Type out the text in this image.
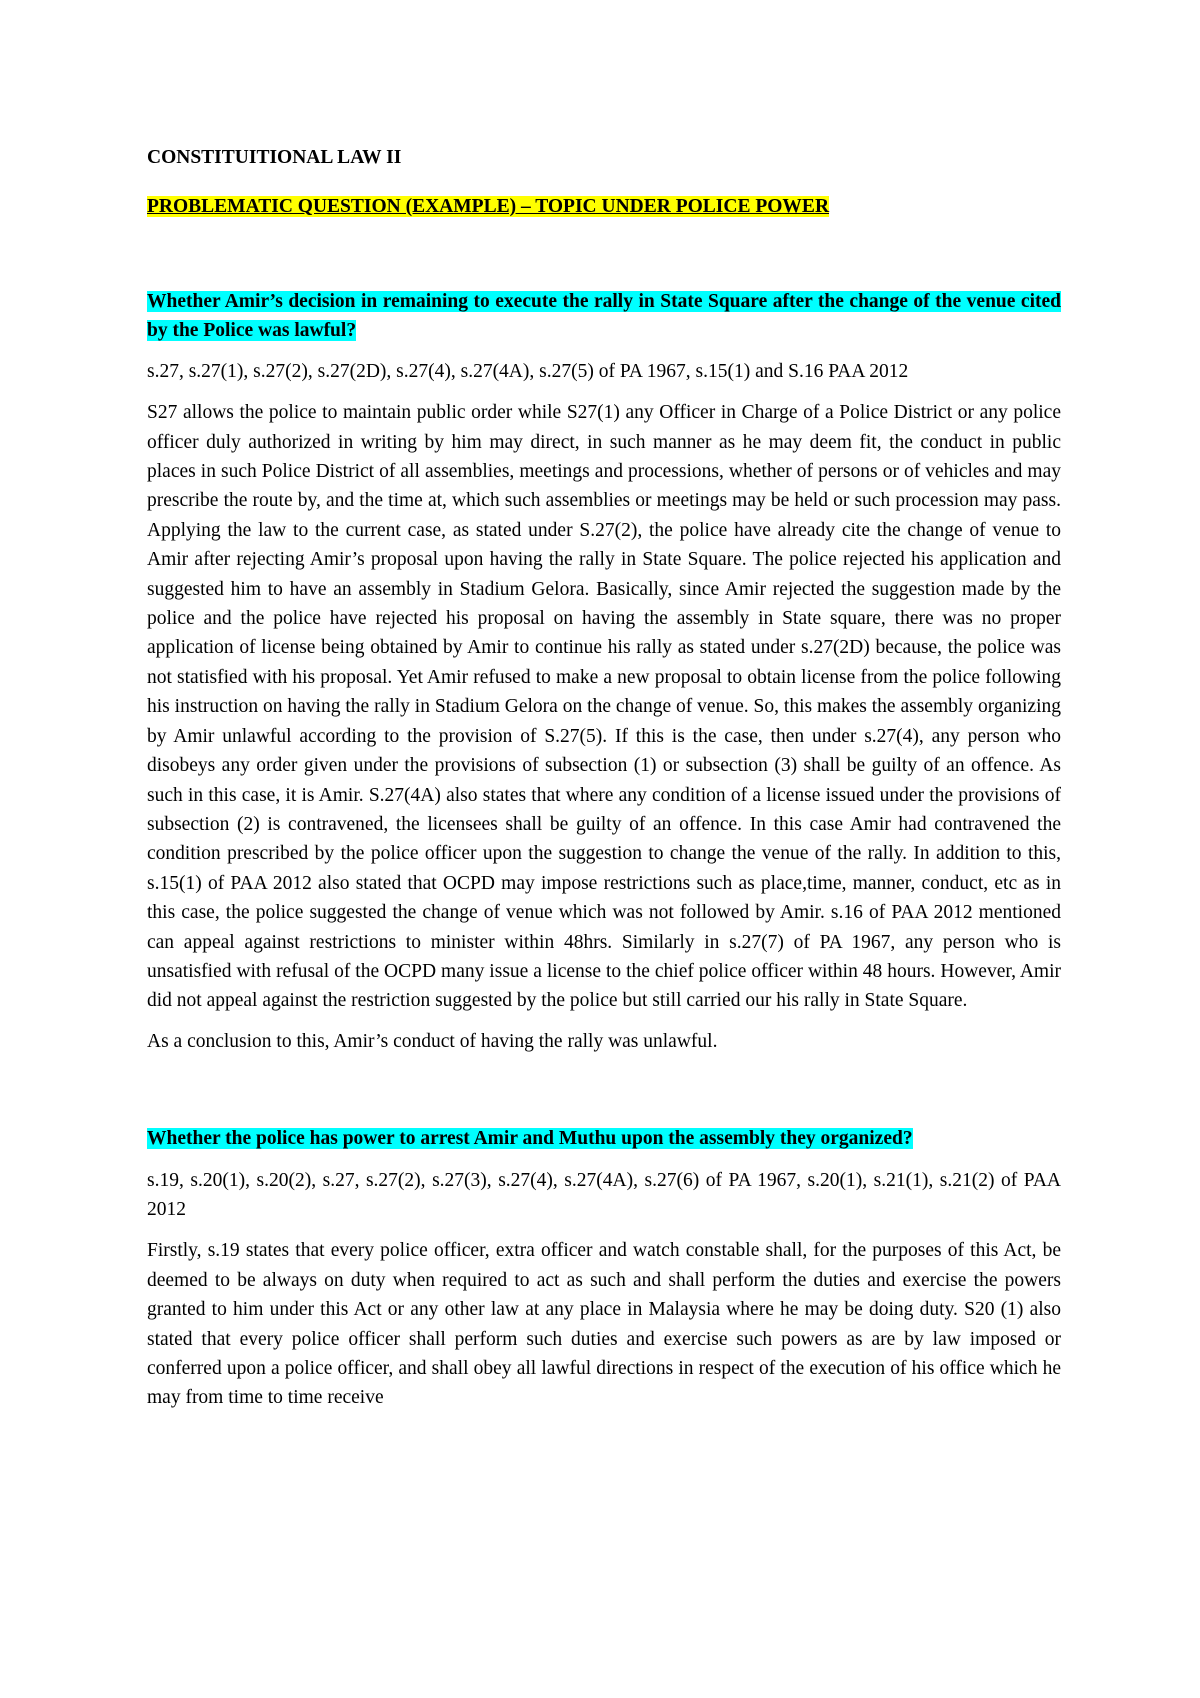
CONSTITUITIONAL LAW II

PROBLEMATIC QUESTION (EXAMPLE) – TOPIC UNDER POLICE POWER

Whether Amir’s decision in remaining to execute the rally in State Square after the change of the venue cited by the Police was lawful?

s.27, s.27(1), s.27(2), s.27(2D), s.27(4), s.27(4A), s.27(5) of PA 1967, s.15(1) and S.16 PAA 2012

S27 allows the police to maintain public order while S27(1) any Officer in Charge of a Police District or any police officer duly authorized in writing by him may direct, in such manner as he may deem fit, the conduct in public places in such Police District of all assemblies, meetings and processions, whether of persons or of vehicles and may prescribe the route by, and the time at, which such assemblies or meetings may be held or such procession may pass. Applying the law to the current case, as stated under S.27(2), the police have already cite the change of venue to Amir after rejecting Amir’s proposal upon having the rally in State Square. The police rejected his application and suggested him to have an assembly in Stadium Gelora. Basically, since Amir rejected the suggestion made by the police and the police have rejected his proposal on having the assembly in State square, there was no proper application of license being obtained by Amir to continue his rally as stated under s.27(2D) because, the police was not statisfied with his proposal. Yet Amir refused to make a new proposal to obtain license from the police following his instruction on having the rally in Stadium Gelora on the change of venue. So, this makes the assembly organizing by Amir unlawful according to the provision of S.27(5). If this is the case, then under s.27(4), any person who disobeys any order given under the provisions of subsection (1) or subsection (3) shall be guilty of an offence. As such in this case, it is Amir. S.27(4A) also states that where any condition of a license issued under the provisions of subsection (2) is contravened, the licensees shall be guilty of an offence. In this case Amir had contravened the condition prescribed by the police officer upon the suggestion to change the venue of the rally. In addition to this, s.15(1) of PAA 2012 also stated that OCPD may impose restrictions such as place,time, manner, conduct, etc as in this case, the police suggested the change of venue which was not followed by Amir. s.16 of PAA 2012 mentioned can appeal against restrictions to minister within 48hrs. Similarly in s.27(7) of PA 1967, any person who is unsatisfied with refusal of the OCPD many issue a license to the chief police officer within 48 hours. However, Amir did not appeal against the restriction suggested by the police but still carried our his rally in State Square.

As a conclusion to this, Amir’s conduct of having the rally was unlawful.

Whether the police has power to arrest Amir and Muthu upon the assembly they organized?

s.19, s.20(1), s.20(2), s.27, s.27(2), s.27(3), s.27(4), s.27(4A), s.27(6) of PA 1967, s.20(1), s.21(1), s.21(2) of PAA 2012

Firstly, s.19 states that every police officer, extra officer and watch constable shall, for the purposes of this Act, be deemed to be always on duty when required to act as such and shall perform the duties and exercise the powers granted to him under this Act or any other law at any place in Malaysia where he may be doing duty. S20 (1) also stated that every police officer shall perform such duties and exercise such powers as are by law imposed or conferred upon a police officer, and shall obey all lawful directions in respect of the execution of his office which he may from time to time receive
